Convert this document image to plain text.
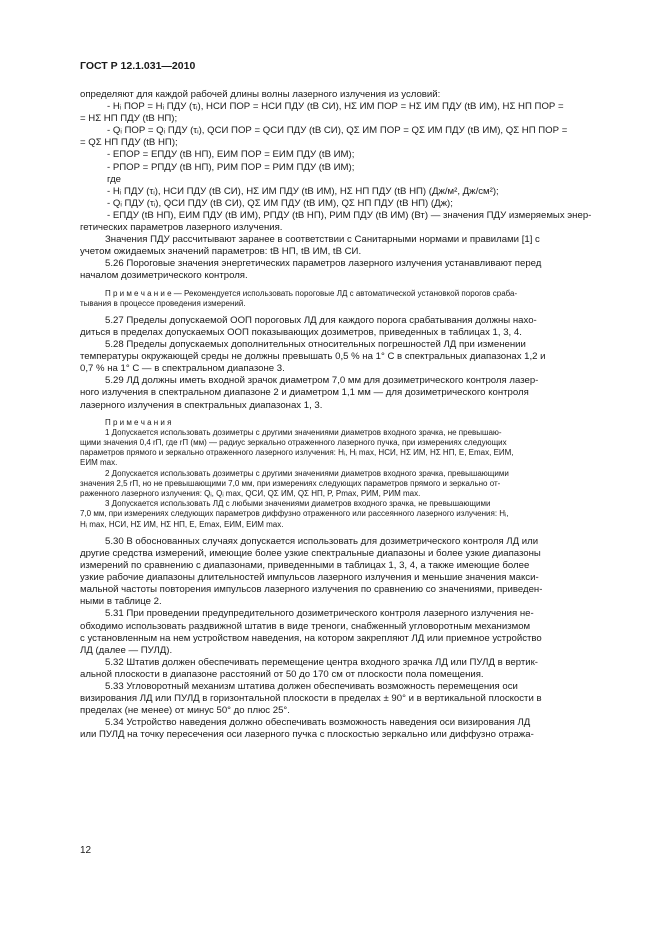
ГОСТ Р 12.1.031—2010

определяют для каждой рабочей длины волны лазерного излучения из условий:

- Hᵢ ПОР = Hᵢ ПДУ (τᵢ), HСИ ПОР = HСИ ПДУ (tВ СИ), HΣ ИМ ПОР = HΣ ИМ ПДУ (tВ ИМ), HΣ НП ПОР =

= HΣ НП ПДУ (tВ НП);

- Qᵢ ПОР = Qᵢ ПДУ (τᵢ), QСИ ПОР = QСИ ПДУ (tВ СИ), QΣ ИМ ПОР = QΣ ИМ ПДУ (tВ ИМ), QΣ НП ПОР =

= QΣ НП ПДУ (tВ НП);

- EПОР = EПДУ (tВ НП), EИМ ПОР = EИМ ПДУ (tВ ИМ);

- PПОР = PПДУ (tВ НП), PИМ ПОР = PИМ ПДУ (tВ ИМ);

где

- Hᵢ ПДУ (τᵢ), HСИ ПДУ (tВ СИ), HΣ ИМ ПДУ (tВ ИМ), HΣ НП ПДУ (tВ НП) (Дж/м², Дж/см²);

- Qᵢ ПДУ (τᵢ), QСИ ПДУ (tВ СИ), QΣ ИМ ПДУ (tВ ИМ), QΣ НП ПДУ (tВ НП) (Дж);

- EПДУ (tВ НП), EИМ ПДУ (tВ ИМ), PПДУ (tВ НП), PИМ ПДУ (tВ ИМ) (Вт) — значения ПДУ измеряемых энер-

гетических параметров лазерного излучения.

Значения ПДУ рассчитывают заранее в соответствии с Санитарными нормами и правилами [1] с

учетом ожидаемых значений параметров: tВ НП, tВ ИМ, tВ СИ.

5.26 Пороговые значения энергетических параметров лазерного излучения устанавливают перед

началом дозиметрического контроля.

П р и м е ч а н и е — Рекомендуется использовать пороговые ЛД с автоматической установкой порогов сраба-

тывания в процессе проведения измерений.

5.27 Пределы допускаемой ООП пороговых ЛД для каждого порога срабатывания должны нахо-

диться в пределах допускаемых ООП показывающих дозиметров, приведенных в таблицах 1, 3, 4.

5.28 Пределы допускаемых дополнительных относительных погрешностей ЛД при изменении

температуры окружающей среды не должны превышать 0,5 % на 1° С в спектральных диапазонах 1,2 и

0,7 % на 1° С — в спектральном диапазоне 3.

5.29 ЛД должны иметь входной зрачок диаметром 7,0 мм для дозиметрического контроля лазер-

ного излучения в спектральном диапазоне 2 и диаметром 1,1 мм — для дозиметрического контроля

лазерного излучения в спектральных диапазонах 1, 3.

П р и м е ч а н и я

1 Допускается использовать дозиметры с другими значениями диаметров входного зрачка, не превышаю-

щими значения 0,4 rП, где rП (мм) — радиус зеркально отраженного лазерного пучка, при измерениях следующих

параметров прямого и зеркально отраженного лазерного излучения: Hᵢ, Hᵢ max, HСИ, HΣ ИМ, HΣ НП, E, Emax, EИМ,

EИМ max.

2 Допускается использовать дозиметры с другими значениями диаметров входного зрачка, превышающими

значения 2,5 rП, но не превышающими 7,0 мм, при измерениях следующих параметров прямого и зеркально от-

раженного лазерного излучения: Qᵢ, Qᵢ max, QСИ, QΣ ИМ, QΣ НП, P, Pmax, PИМ, PИМ max.

3 Допускается использовать ЛД с любыми значениями диаметров входного зрачка, не превышающими

7,0 мм, при измерениях следующих параметров диффузно отраженного или рассеянного лазерного излучения: Hᵢ,

Hᵢ max, HСИ, HΣ ИМ, HΣ НП, E, Emax, EИМ, EИМ max.

5.30 В обоснованных случаях допускается использовать для дозиметрического контроля ЛД или

другие средства измерений, имеющие более узкие спектральные диапазоны и более узкие диапазоны

измерений по сравнению с диапазонами, приведенными в таблицах 1, 3, 4, а также имеющие более

узкие рабочие диапазоны длительностей импульсов лазерного излучения и меньшие значения макси-

мальной частоты повторения импульсов лазерного излучения по сравнению со значениями, приведен-

ными в таблице 2.

5.31 При проведении предупредительного дозиметрического контроля лазерного излучения не-

обходимо использовать раздвижной штатив в виде треноги, снабженный угловоротным механизмом

с установленным на нем устройством наведения, на котором закрепляют ЛД или приемное устройство

ЛД (далее — ПУЛД).

5.32 Штатив должен обеспечивать перемещение центра входного зрачка ЛД или ПУЛД в вертик-

альной плоскости в диапазоне расстояний от 50 до 170 см от плоскости пола помещения.

5.33 Угловоротный механизм штатива должен обеспечивать возможность перемещения оси

визирования ЛД или ПУЛД в горизонтальной плоскости в пределах ± 90° и в вертикальной плоскости в

пределах (не менее) от минус 50° до плюс 25°.

5.34 Устройство наведения должно обеспечивать возможность наведения оси визирования ЛД

или ПУЛД на точку пересечения оси лазерного пучка с плоскостью зеркально или диффузно отража-

12
